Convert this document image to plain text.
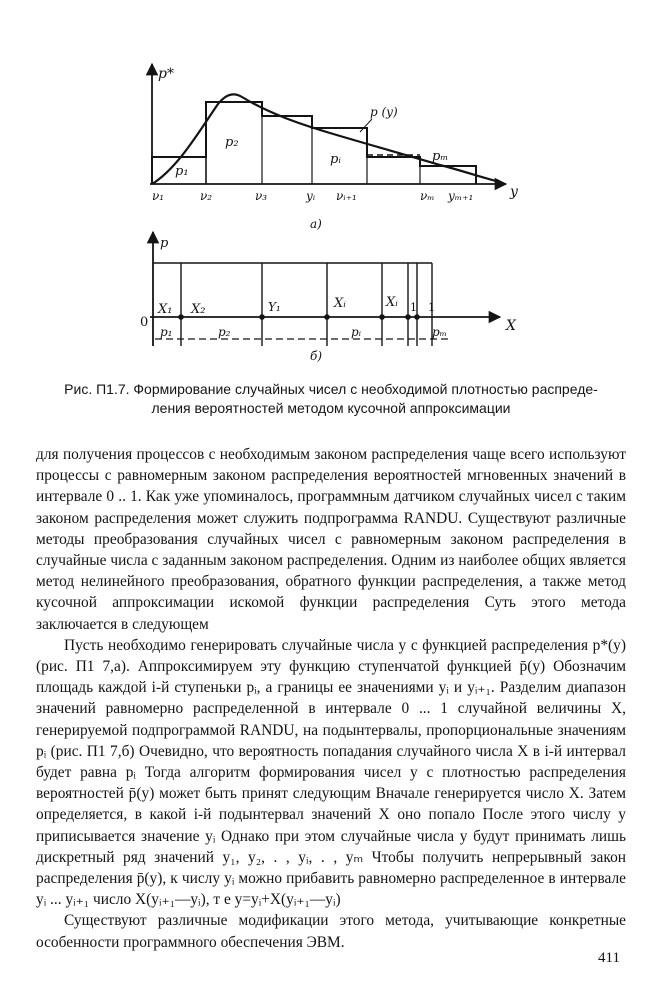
p*
y
p (y)
p₁
p₂
pᵢ	pₘ
ν₁	ν₂	ν₃	yᵢ νᵢ₊₁	νₘ yₘ₊₁
а)
p
X
0
X₁ X₂	Y₁	Xᵢ	Xᵢ 1 1
p₁	p₂	pᵢ	pₘ
б)
Рис. П1.7. Формирование случайных чисел с необходимой плотностью распреде-
ления вероятностей методом кусочной аппроксимации

для получения процессов с необходимым законом распределения чаще всего используют процессы с равномерным законом распределения вероятностей мгновенных значений в интервале 0 .. 1. Как уже упоминалось, программным датчиком случайных чисел с таким законом распределения может служить подпрограмма RANDU. Существуют различные методы преобразования случайных чисел с равномерным законом распределения в случайные числа с заданным законом распределения. Одним из наиболее общих является метод нелинейного преобразования, обратного функции распределения, а также метод кусочной аппроксимации искомой функции распределения Суть этого метода заключается в следующем

Пусть необходимо генерировать случайные числа y с функцией распределения p*(y) (рис. П1 7,а). Аппроксимируем эту функцию ступенчатой функцией p̄(y) Обозначим площадь каждой i-й ступеньки pᵢ, а границы ее значениями yᵢ и yᵢ₊₁. Разделим диапазон значений равномерно распределенной в интервале 0 ... 1 случайной величины X, генерируемой подпрограммой RANDU, на подынтервалы, пропорциональные значениям pᵢ (рис. П1 7,б) Очевидно, что вероятность попадания случайного числа X в i-й интервал будет равна pᵢ Тогда алгоритм формирования чисел y с плотностью распределения вероятностей p̄(y) может быть принят следующим Вначале генерируется число X. Затем определяется, в какой i-й подынтервал значений X оно попало После этого числу y приписывается значение yᵢ Однако при этом случайные числа y будут принимать лишь дискретный ряд значений y₁, y₂, . , yᵢ, . , yₘ Чтобы получить непрерывный закон распределения p̄(y), к числу yᵢ можно прибавить равномерно распределенное в интервале yᵢ ... yᵢ₊₁ число X(yᵢ₊₁—yᵢ), т е y=yᵢ+X(yᵢ₊₁—yᵢ)

Существуют различные модификации этого метода, учитывающие конкретные особенности программного обеспечения ЭВМ.

411
